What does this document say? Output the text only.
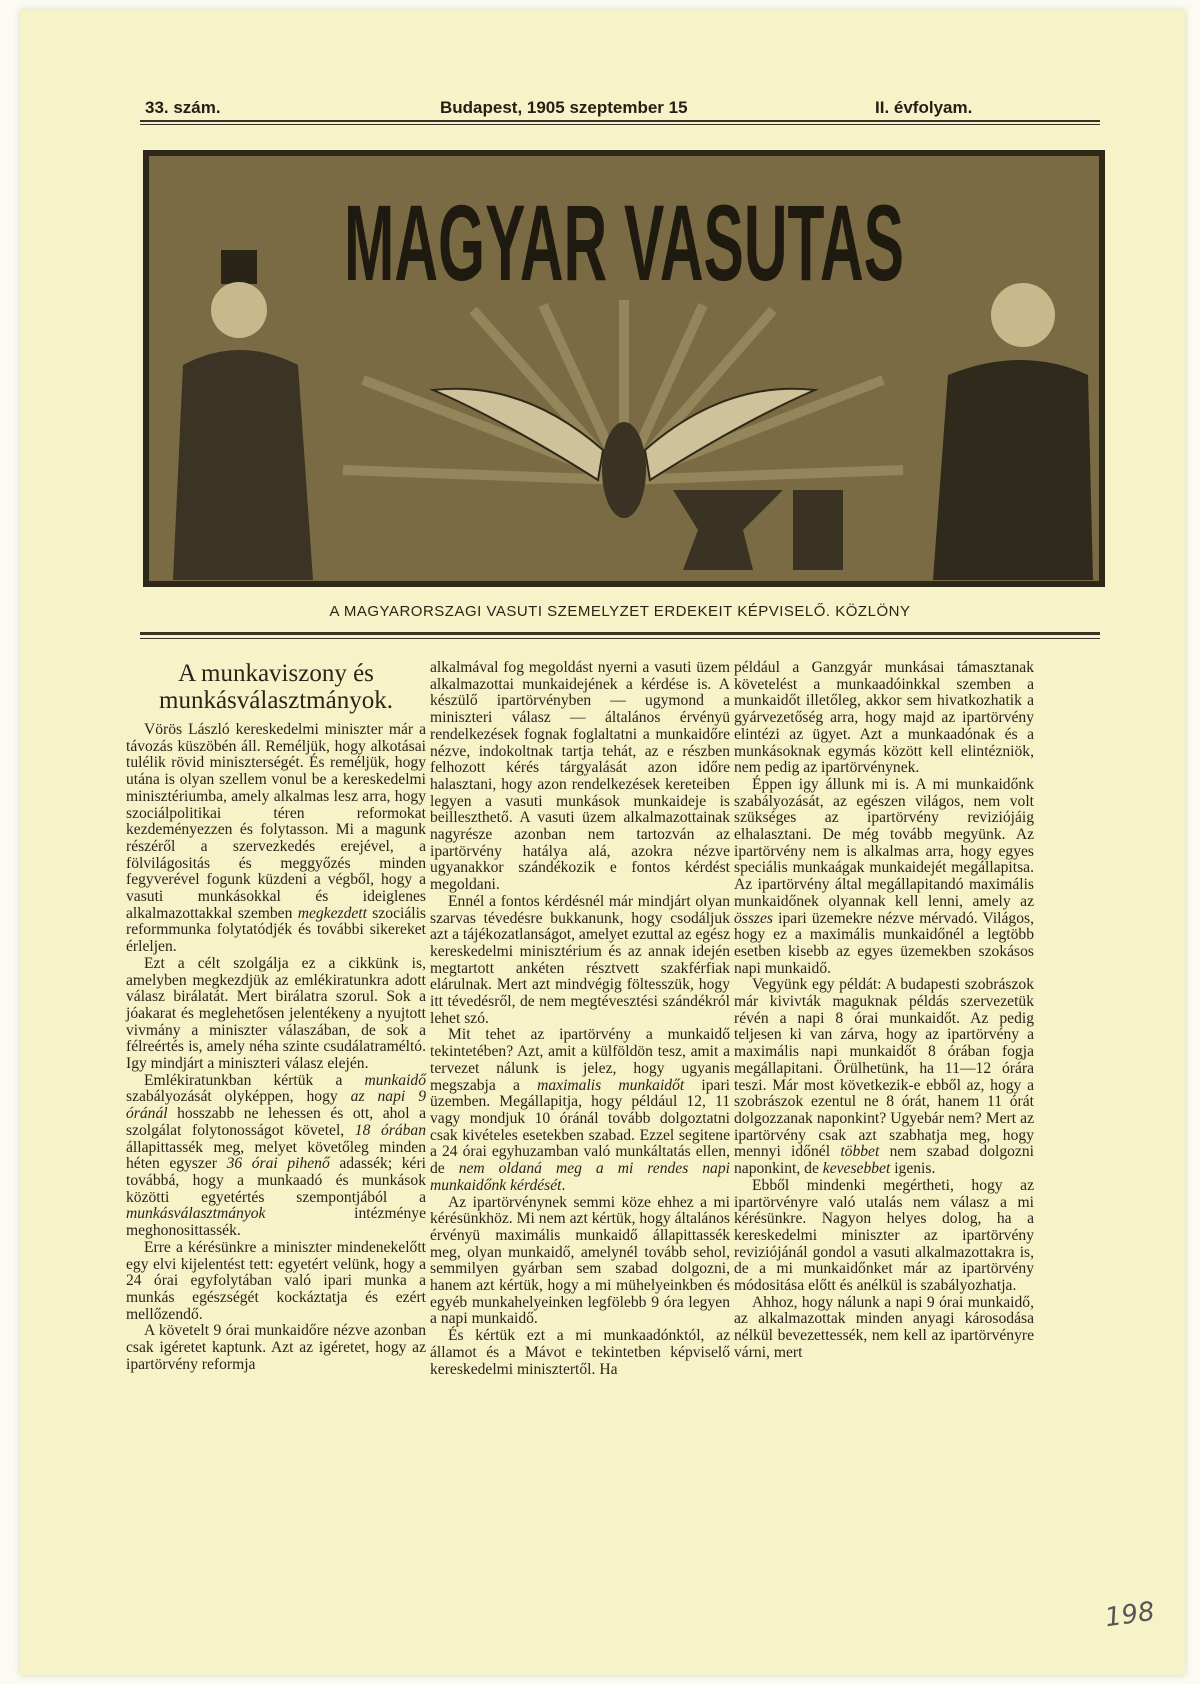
33. szám.	Budapest, 1905 szeptember 15	II. évfolyam.
MAGYAR VASUTAS
A MAGYARORSZAGI VASUTI SZEMELYZET ERDEKEIT KÉPVISELŐ. KÖZLÖNY
A munkaviszony és munkásválasztmányok.

Vörös László kereskedelmi miniszter már a távozás küszöbén áll. Reméljük, hogy alkotásai tulélik rövid miniszterségét. És reméljük, hogy utána is olyan szellem vonul be a kereskedelmi minisztériumba, amely alkalmas lesz arra, hogy szociálpolitikai téren reformokat kezdeményezzen és folytasson. Mi a magunk részéről a szervezkedés erejével, a fölvilágositás és meggyőzés minden fegyverével fogunk küzdeni a végből, hogy a vasuti munkásokkal és ideiglenes alkalmazottakkal szemben megkezdett szociális reformmunka folytatódjék és további sikereket érleljen.

Ezt a célt szolgálja ez a cikkünk is, amelyben megkezdjük az emlékiratunkra adott válasz birálatát. Mert birálatra szorul. Sok a jóakarat és meglehetősen jelentékeny a nyujtott vivmány a miniszter válaszában, de sok a félreértés is, amely néha szinte csudálatraméltó. Igy mindjárt a miniszteri válasz elején.

Emlékiratunkban kértük a munkaidő szabályozását olyképpen, hogy az napi 9 óránál hosszabb ne lehessen és ott, ahol a szolgálat folytonosságot követel, 18 órában állapittassék meg, melyet követőleg minden héten egyszer 36 órai pihenő adassék; kéri továbbá, hogy a munkaadó és munkások közötti egyetértés szempontjából a munkásválasztmányok intézménye meghonosittassék.

Erre a kérésünkre a miniszter mindenekelőtt egy elvi kijelentést tett: egyetért velünk, hogy a 24 órai egyfolytában való ipari munka a munkás egészségét kockáztatja és ezért mellőzendő.

A követelt 9 órai munkaidőre nézve azonban csak igéretet kaptunk. Azt az igéretet, hogy az ipartörvény reformja

alkalmával fog megoldást nyerni a vasuti üzem alkalmazottai munkaidejének a kérdése is. A készülő ipartörvényben — ugymond a miniszteri válasz — általános érvényü rendelkezések fognak foglaltatni a munkaidőre nézve, indokoltnak tartja tehát, az e részben felhozott kérés tárgyalását azon időre halasztani, hogy azon rendelkezések kereteiben legyen a vasuti munkások munkaideje is beilleszthető. A vasuti üzem alkalmazottainak nagyrésze azonban nem tartozván az ipartörvény hatálya alá, azokra nézve ugyanakkor szándékozik e fontos kérdést megoldani.

Ennél a fontos kérdésnél már mindjárt olyan szarvas tévedésre bukkanunk, hogy csodáljuk azt a tájékozatlanságot, amelyet ezuttal az egész kereskedelmi minisztérium és az annak idején megtartott ankéten résztvett szakférfiak elárulnak. Mert azt mindvégig föltesszük, hogy itt tévedésről, de nem megtévesztési szándékról lehet szó.

Mit tehet az ipartörvény a munkaidő tekintetében? Azt, amit a külföldön tesz, amit a tervezet nálunk is jelez, hogy ugyanis megszabja a maximalis munkaidőt ipari üzemben. Megállapitja, hogy például 12, 11 vagy mondjuk 10 óránál tovább dolgoztatni csak kivételes esetekben szabad. Ezzel segitene a 24 órai egyhuzamban való munkáltatás ellen, de nem oldaná meg a mi rendes napi munkaidőnk kérdését.

Az ipartörvénynek semmi köze ehhez a mi kérésünkhöz. Mi nem azt kértük, hogy általános érvényü maximális munkaidő állapittassék meg, olyan munkaidő, amelynél tovább sehol, semmilyen gyárban sem szabad dolgozni, hanem azt kértük, hogy a mi mühelyeinkben és egyéb munkahelyeinken legfölebb 9 óra legyen a napi munkaidő.

És kértük ezt a mi munkaadónktól, az államot és a Mávot e tekintetben képviselő kereskedelmi minisztertől. Ha

például a Ganzgyár munkásai támasztanak követelést a munkaadóinkkal szemben a munkaidőt illetőleg, akkor sem hivatkozhatik a gyárvezetőség arra, hogy majd az ipartörvény elintézi az ügyet. Azt a munkaadónak és a munkásoknak egymás között kell elintézniök, nem pedig az ipartörvénynek.

Éppen igy állunk mi is. A mi munkaidőnk szabályozását, az egészen világos, nem volt szükséges az ipartörvény reviziójáig elhalasztani. De még tovább megyünk. Az ipartörvény nem is alkalmas arra, hogy egyes speciális munkaágak munkaidejét megállapitsa. Az ipartörvény által megállapitandó maximális munkaidőnek olyannak kell lenni, amely az összes ipari üzemekre nézve mérvadó. Világos, hogy ez a maximális munkaidőnél a legtöbb esetben kisebb az egyes üzemekben szokásos napi munkaidő.

Vegyünk egy példát: A budapesti szobrászok már kivivták maguknak példás szervezetük révén a napi 8 órai munkaidőt. Az pedig teljesen ki van zárva, hogy az ipartörvény a maximális napi munkaidőt 8 órában fogja megállapitani. Örülhetünk, ha 11—12 órára teszi. Már most következik-e ebből az, hogy a szobrászok ezentul ne 8 órát, hanem 11 órát dolgozzanak naponkint? Ugyebár nem? Mert az ipartörvény csak azt szabhatja meg, hogy mennyi időnél többet nem szabad dolgozni naponkint, de kevesebbet igenis.

Ebből mindenki megértheti, hogy az ipartörvényre való utalás nem válasz a mi kérésünkre. Nagyon helyes dolog, ha a kereskedelmi miniszter az ipartörvény reviziójánál gondol a vasuti alkalmazottakra is, de a mi munkaidőnket már az ipartörvény módositása előtt és anélkül is szabályozhatja.

Ahhoz, hogy nálunk a napi 9 órai munkaidő, az alkalmazottak minden anyagi károsodása nélkül bevezettessék, nem kell az ipartörvényre várni, mert

198
